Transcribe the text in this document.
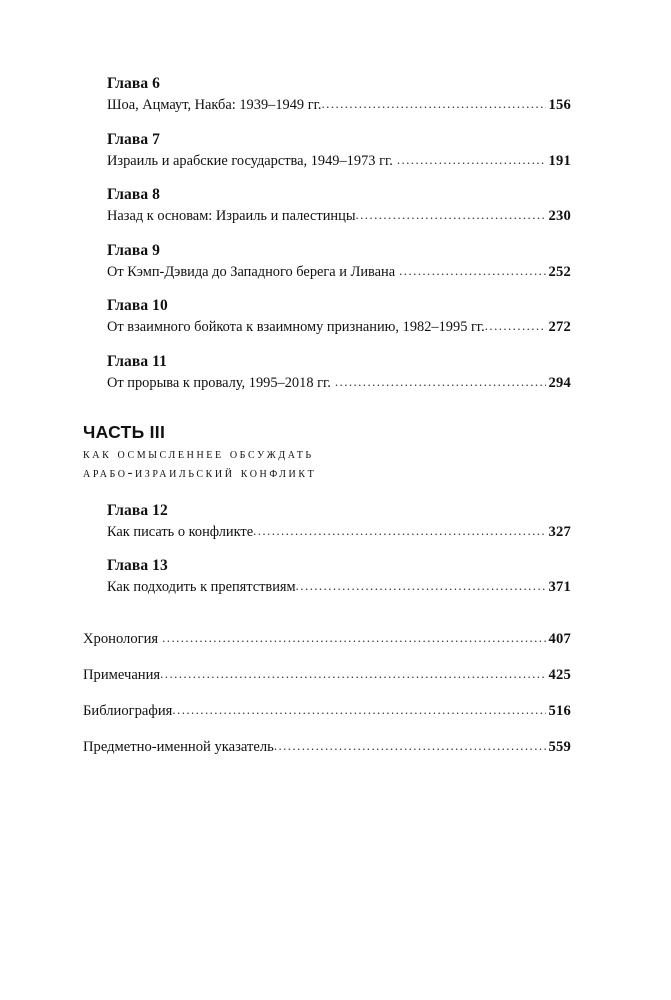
Глава 6
Шоа, Ацмаут, Накба: 1939–1949 гг. .....	156
Глава 7
Израиль и арабские государства, 1949–1973 гг. .....	191
Глава 8
Назад к основам: Израиль и палестинцы .....	230
Глава 9
От Кэмп-Дэвида до Западного берега и Ливана .....	252
Глава 10
От взаимного бойкота к взаимному признанию, 1982–1995 гг. .....	272
Глава 11
От прорыва к провалу, 1995–2018 гг. .....	294
ЧАСТЬ III
как осмысленнее обсуждать
арабо-израильский конфликт
Глава 12
Как писать о конфликте .....	327
Глава 13
Как подходить к препятствиям .....	371
Хронология .....	407
Примечания .....	425
Библиография .....	516
Предметно-именной указатель .....	559
